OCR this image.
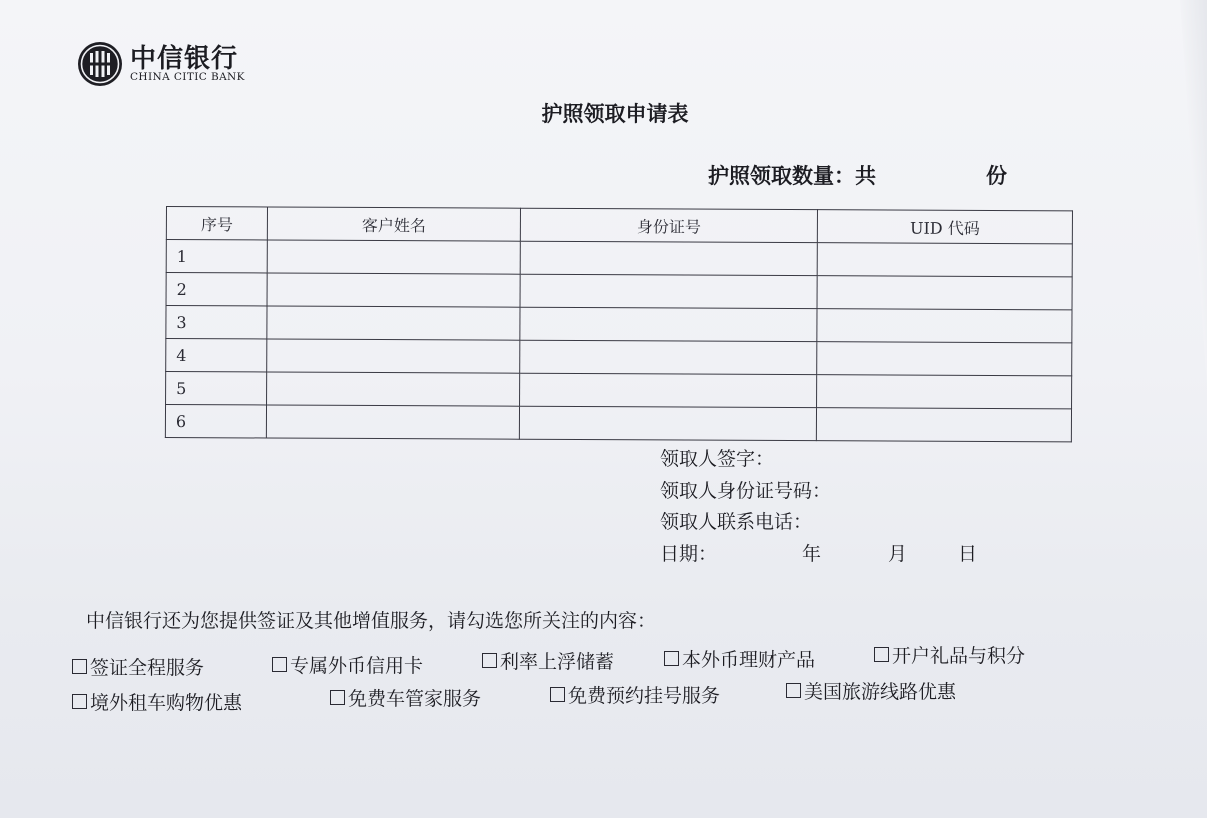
中信银行
CHINA CITIC BANK
护照领取申请表
护照领取数量：共	份
序号	客户姓名	身份证号	UID 代码
1			
2			
3			
4			
5			
6			
领取人签字：
领取人身份证号码：
领取人联系电话：
日期：	年	月	日
中信银行还为您提供签证及其他增值服务，请勾选您所关注的内容：
签证全程服务	专属外币信用卡	利率上浮储蓄	本外币理财产品	开户礼品与积分
境外租车购物优惠	免费车管家服务	免费预约挂号服务	美国旅游线路优惠
